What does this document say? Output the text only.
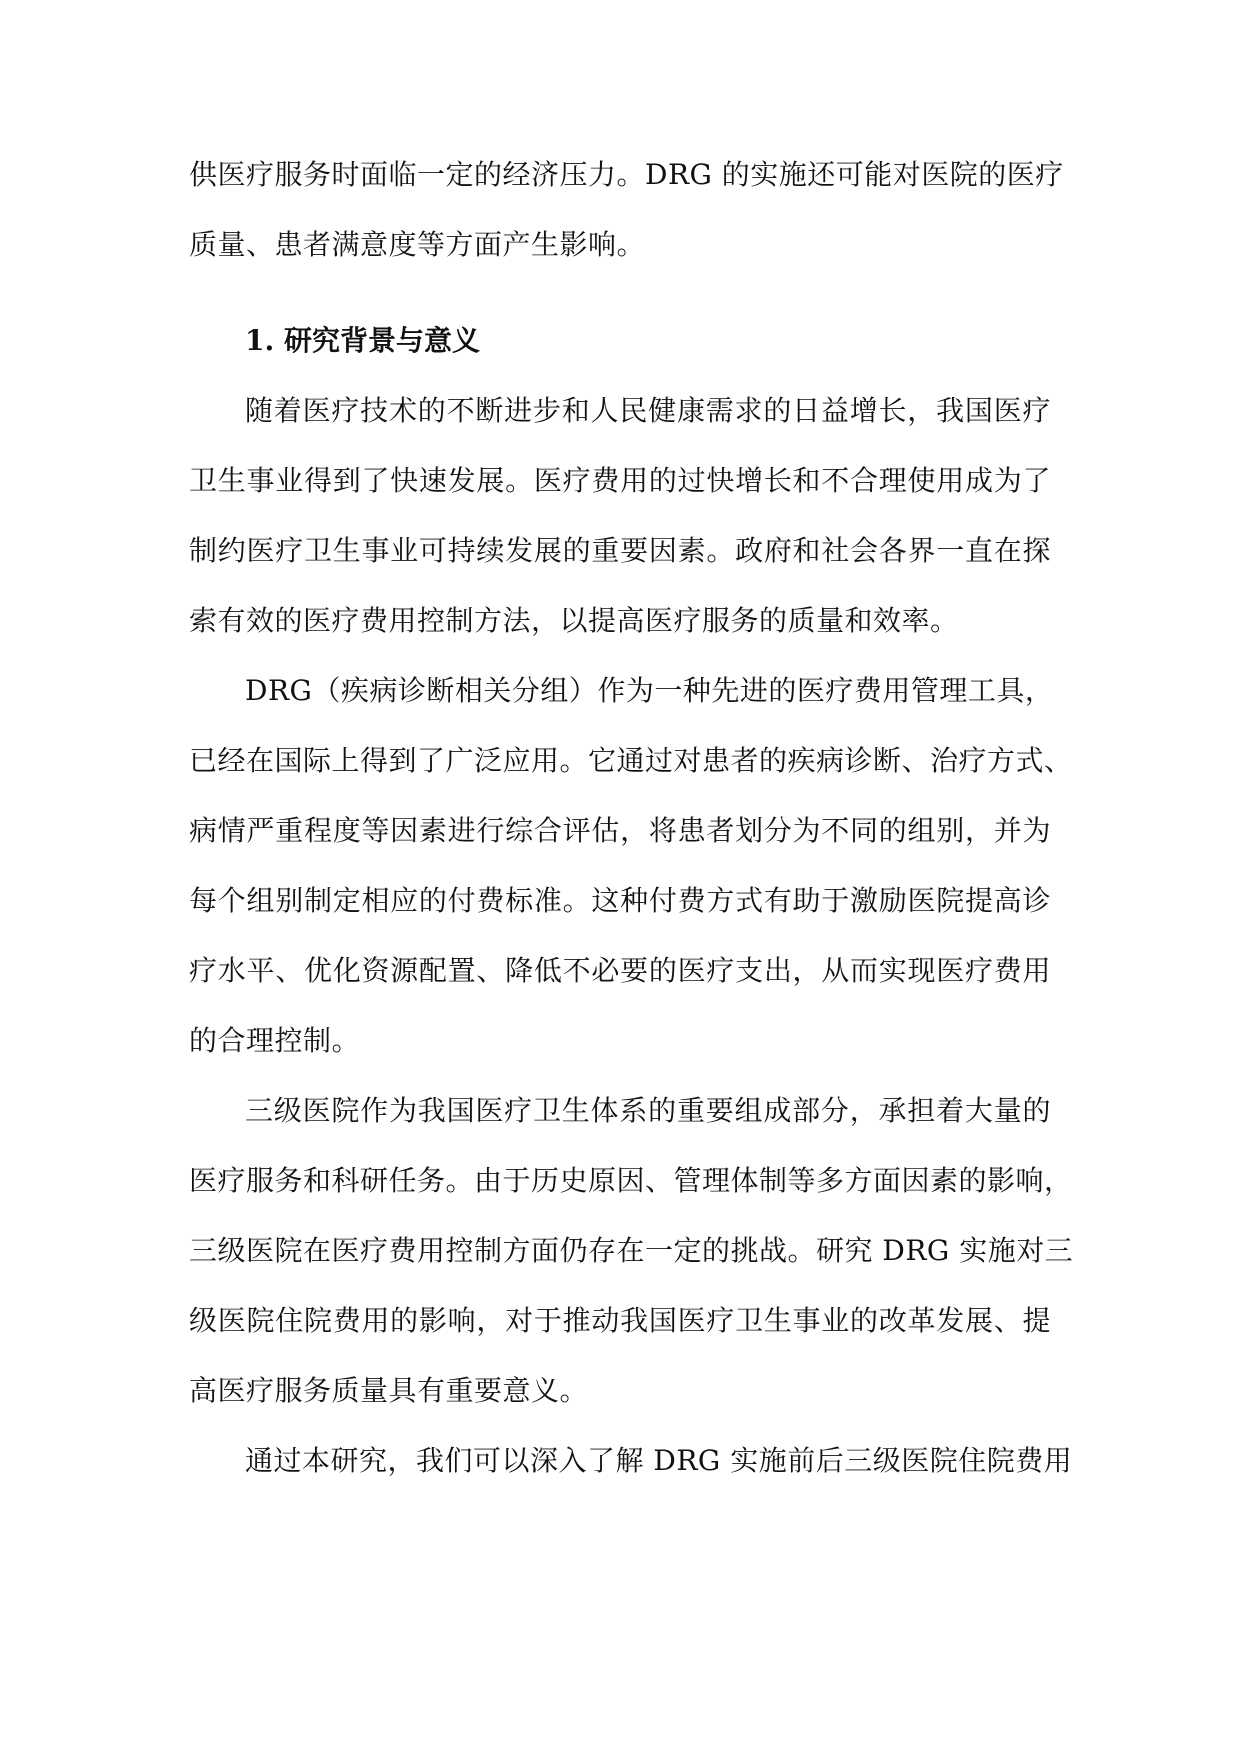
供医疗服务时面临一定的经济压力。DRG 的实施还可能对医院的医疗
质量、患者满意度等方面产生影响。
1. 研究背景与意义
随着医疗技术的不断进步和人民健康需求的日益增长，我国医疗
卫生事业得到了快速发展。医疗费用的过快增长和不合理使用成为了
制约医疗卫生事业可持续发展的重要因素。政府和社会各界一直在探
索有效的医疗费用控制方法，以提高医疗服务的质量和效率。
DRG（疾病诊断相关分组）作为一种先进的医疗费用管理工具，
已经在国际上得到了广泛应用。它通过对患者的疾病诊断、治疗方式、
病情严重程度等因素进行综合评估，将患者划分为不同的组别，并为
每个组别制定相应的付费标准。这种付费方式有助于激励医院提高诊
疗水平、优化资源配置、降低不必要的医疗支出，从而实现医疗费用
的合理控制。
三级医院作为我国医疗卫生体系的重要组成部分，承担着大量的
医疗服务和科研任务。由于历史原因、管理体制等多方面因素的影响，
三级医院在医疗费用控制方面仍存在一定的挑战。研究 DRG 实施对三
级医院住院费用的影响，对于推动我国医疗卫生事业的改革发展、提
高医疗服务质量具有重要意义。
通过本研究，我们可以深入了解 DRG 实施前后三级医院住院费用
